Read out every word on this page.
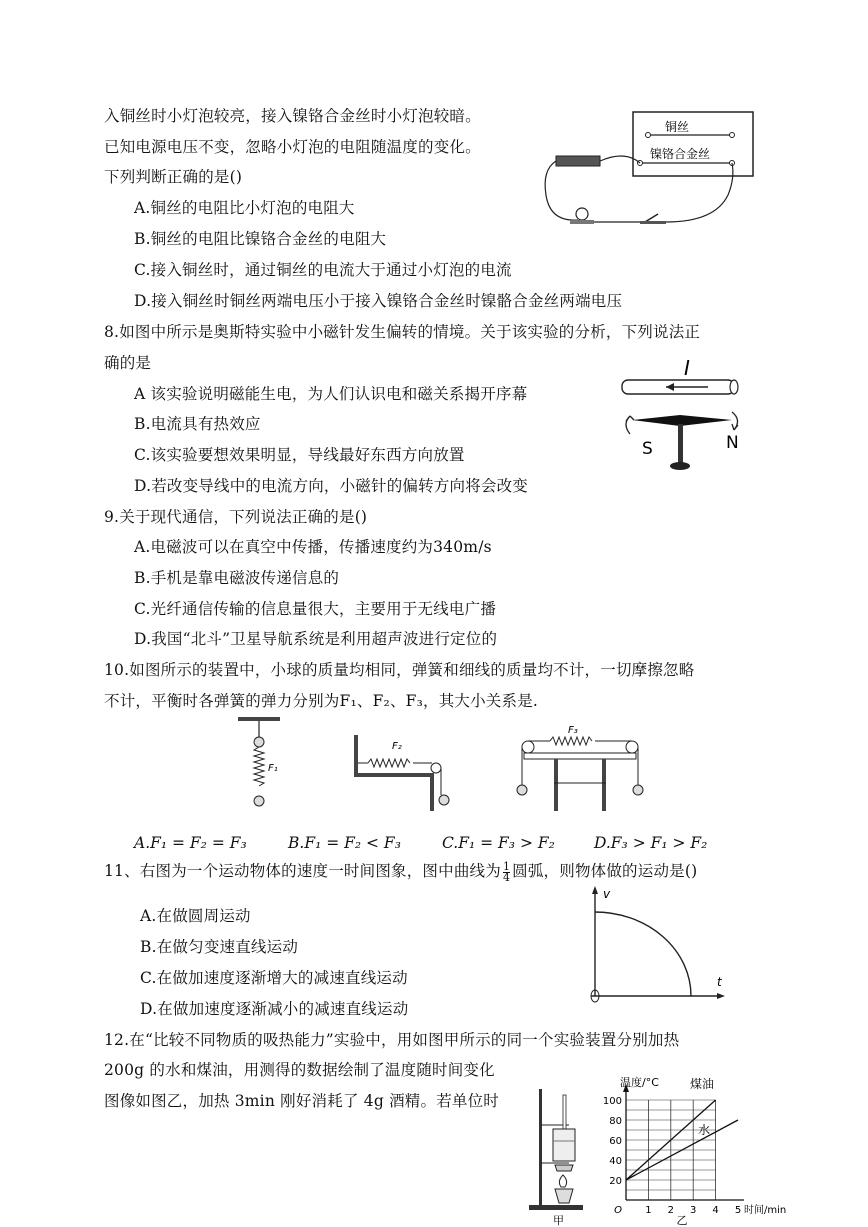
入铜丝时小灯泡较亮，接入镍铬合金丝时小灯泡较暗。
已知电源电压不变，忽略小灯泡的电阻随温度的变化。
下列判断正确的是()
A.铜丝的电阻比小灯泡的电阻大
B.铜丝的电阻比镍铬合金丝的电阻大
C.接入铜丝时，通过铜丝的电流大于通过小灯泡的电流
D.接入铜丝时铜丝两端电压小于接入镍铬合金丝时镍骼合金丝两端电压
铜丝
镍铬合金丝
8.如图中所示是奥斯特实验中小磁针发生偏转的情境。关于该实验的分析，下列说法正
确的是
A 该实验说明磁能生电，为人们认识电和磁关系揭开序幕
B.电流具有热效应
C.该实验要想效果明显，导线最好东西方向放置
D.若改变导线中的电流方向，小磁针的偏转方向将会改变
I
S	N
9.关于现代通信，下列说法正确的是()
A.电磁波可以在真空中传播，传播速度约为340m/s
B.手机是靠电磁波传递信息的
C.光纤通信传输的信息量很大，主要用于无线电广播
D.我国“北斗”卫星导航系统是利用超声波进行定位的
10.如图所示的装置中，小球的质量均相同，弹簧和细线的质量均不计，一切摩擦忽略
不计，平衡时各弹簧的弹力分别为F₁、F₂、F₃，其大小关系是.
F₁
F₂
F₃
A.F₁ = F₂ = F₃	B.F₁ = F₂ < F₃	C.F₁ = F₃ > F₂	D.F₃ > F₁ > F₂
11、右图为一个运动物体的速度一时间图象，图中曲线为 $\frac{1}{4}$ 圆弧，则物体做的运动是()
A.在做圆周运动
B.在做匀变速直线运动
C.在做加速度逐渐增大的减速直线运动
D.在做加速度逐渐减小的减速直线运动
v
t
12.在“比较不同物质的吸热能力”实验中，用如图甲所示的同一个实验装置分别加热
200g 的水和煤油，用测得的数据绘制了温度随时间变化
图像如图乙，加热 3min 刚好消耗了 4g 酒精。若单位时
甲
20
40
60
80
100
1 2 3 4 5
O
温度/°C
时间/min
煤油
水
乙
